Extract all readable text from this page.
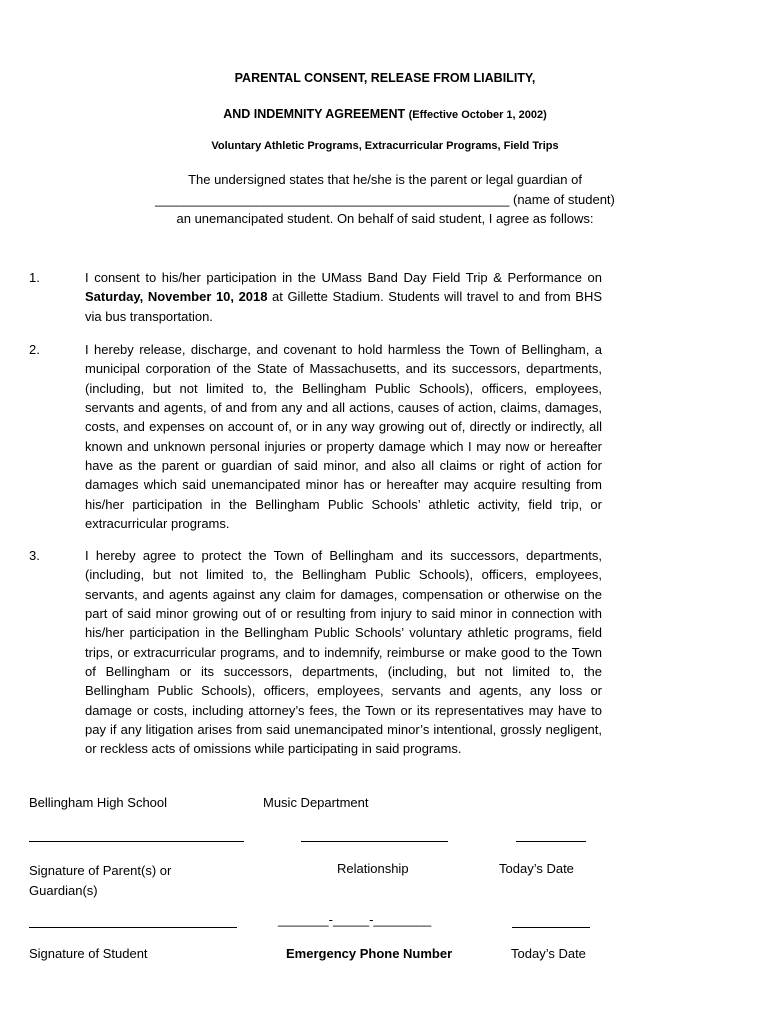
PARENTAL CONSENT, RELEASE FROM LIABILITY,
AND INDEMNITY AGREEMENT (Effective October 1, 2002)
Voluntary Athletic Programs, Extracurricular Programs, Field Trips
The undersigned states that he/she is the parent or legal guardian of
_________________________________________________ (name of student)
an unemancipated student. On behalf of said student, I agree as follows:
1.	I consent to his/her participation in the UMass Band Day Field Trip & Performance on Saturday, November 10, 2018 at Gillette Stadium. Students will travel to and from BHS via bus transportation.
2.	I hereby release, discharge, and covenant to hold harmless the Town of Bellingham, a municipal corporation of the State of Massachusetts, and its successors, departments, (including, but not limited to, the Bellingham Public Schools), officers, employees, servants and agents, of and from any and all actions, causes of action, claims, damages, costs, and expenses on account of, or in any way growing out of, directly or indirectly, all known and unknown personal injuries or property damage which I may now or hereafter have as the parent or guardian of said minor, and also all claims or right of action for damages which said unemancipated minor has or hereafter may acquire resulting from his/her participation in the Bellingham Public Schools’ athletic activity, field trip, or extracurricular programs.
3.	I hereby agree to protect the Town of Bellingham and its successors, departments, (including, but not limited to, the Bellingham Public Schools), officers, employees, servants, and agents against any claim for damages, compensation or otherwise on the part of said minor growing out of or resulting from injury to said minor in connection with his/her participation in the Bellingham Public Schools’ voluntary athletic programs, field trips, or extracurricular programs, and to indemnify, reimburse or make good to the Town of Bellingham or its successors, departments, (including, but not limited to, the Bellingham Public Schools), officers, employees, servants and agents, any loss or damage or costs, including attorney’s fees, the Town or its representatives may have to pay if any litigation arises from said unemancipated minor’s intentional, grossly negligent, or reckless acts of omissions while participating in said programs.
Bellingham High School	Music Department
Signature of Parent(s) or
Guardian(s)
Relationship	Today’s Date
_______-_____-________
Signature of Student	Emergency Phone Number	Today’s Date
